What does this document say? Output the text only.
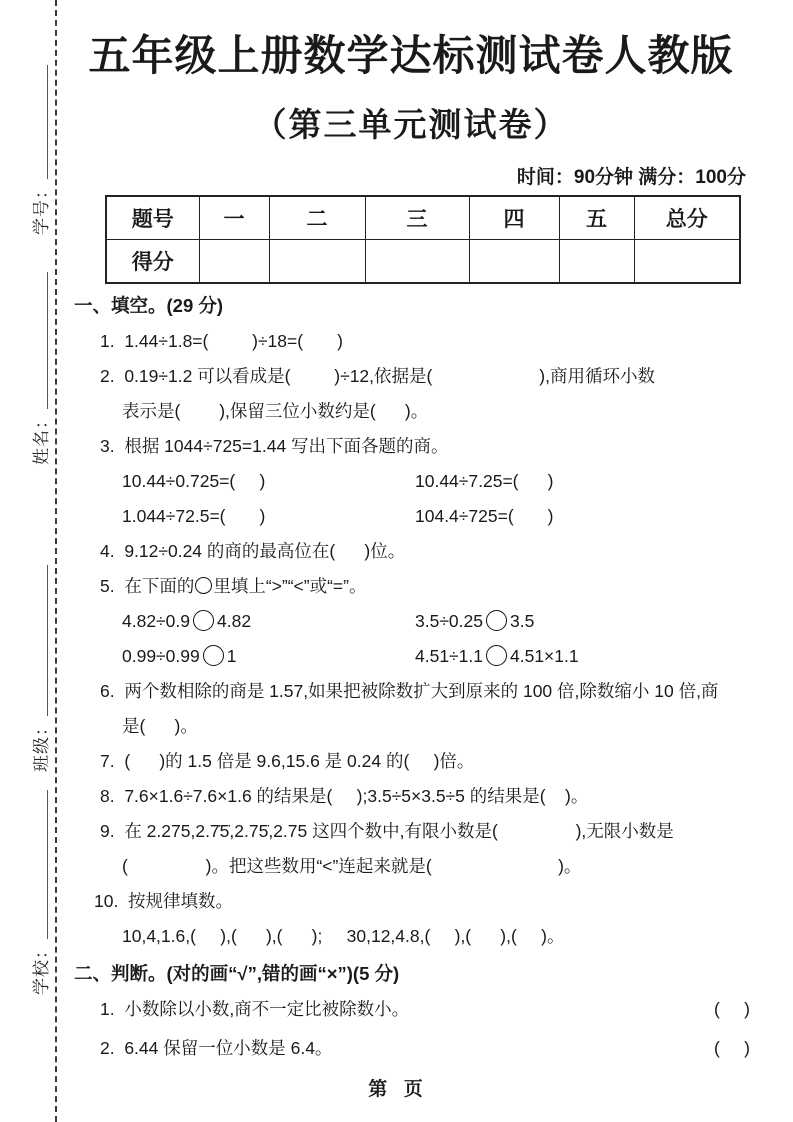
学号：
姓名：
班级：
学校：
五年级上册数学达标测试卷人教版
（第三单元测试卷）
时间：90分钟 满分：100分
题号	一	二	三	四	五	总分
得分						
一、填空。(29 分)
1.  1.44÷1.8=(         )÷18=(       )
2.  0.19÷1.2 可以看成是(         )÷12,依据是(                      ),商用循环小数
表示是(        ),保留三位小数约是(      )。
3.  根据 1044÷725=1.44 写出下面各题的商。
10.44÷0.725=(     )	10.44÷7.25=(      )
1.044÷72.5=(       )	104.4÷725=(       )
4.  9.12÷0.24 的商的最高位在(      )位。
5.  在下面的 里填上“>”“<”或“=”。
4.82÷0.9 4.82	3.5÷0.25 3.5
0.99÷0.99 1	4.51÷1.1 4.51×1.1
6.  两个数相除的商是 1.57,如果把被除数扩大到原来的 100 倍,除数缩小 10 倍,商
是(      )。
7.  (      )的 1.5 倍是 9.6,15.6 是 0.24 的(     )倍。
8.  7.6×1.6÷7.6×1.6 的结果是(     );3.5÷5×3.5÷5 的结果是(    )。
9.  在 2.275,2.7̇5̇,2.75̇,2.75 这四个数中,有限小数是(                ),无限小数是
(                )。把这些数用“<”连起来就是(                          )。
10.  按规律填数。
10,4,1.6,(     ),(      ),(      );     30,12,4.8,(     ),(      ),(     )。
二、判断。(对的画“√”,错的画“×”)(5 分)
1.  小数除以小数,商不一定比被除数小。	(     )
2.  6.44 保留一位小数是 6.4。	(     )
第  页
